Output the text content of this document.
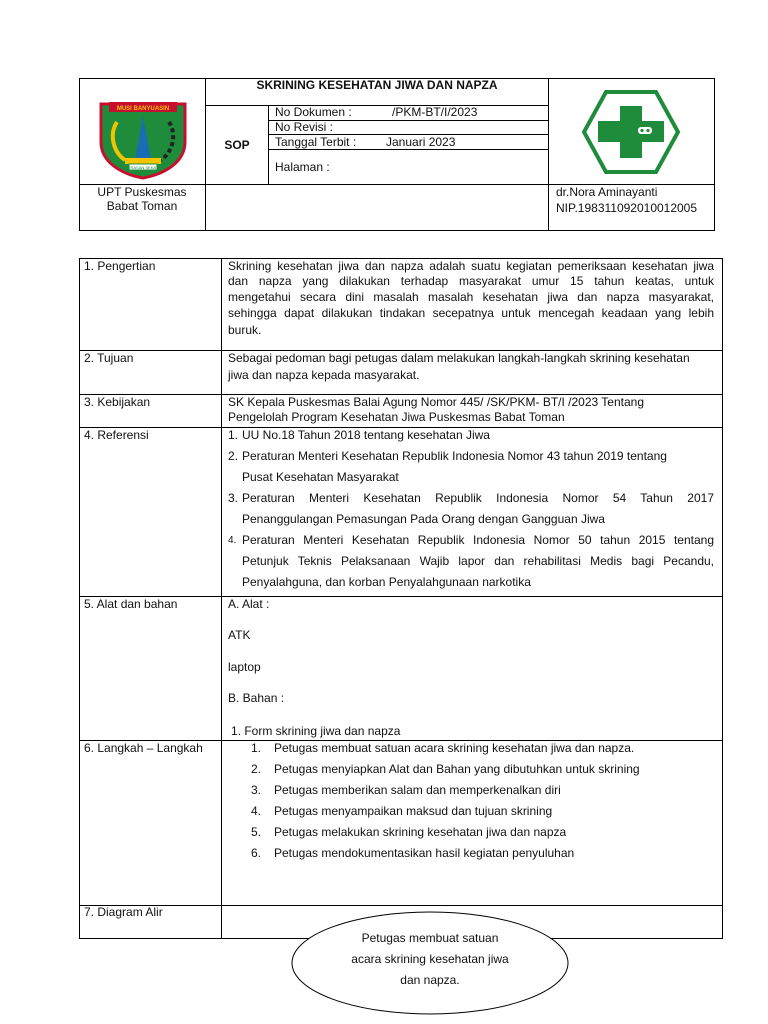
MUSI BANYUASIN
SERASAN SEKATE
SKRINING KESEHATAN JIWA DAN NAPZA
SOP
No Dokumen :	/PKM-BT/I/2023
No Revisi :
Tanggal Terbit : Januari 2023
Halaman :
UPT Puskesmas
Babat Toman
dr.Nora Aminayanti
NIP.198311092010012005
1. Pengertian	Skrining kesehatan jiwa dan napza adalah suatu kegiatan pemeriksaan kesehatan jiwa
dan napza yang dilakukan terhadap masyarakat umur 15 tahun keatas, untuk
mengetahui secara dini masalah masalah kesehatan jiwa dan napza masyarakat,
sehingga dapat dilakukan tindakan secepatnya untuk mencegah keadaan yang lebih
buruk.
2. Tujuan	Sebagai pedoman bagi petugas dalam melakukan langkah-langkah skrining kesehatan
jiwa dan napza kepada masyarakat.
3. Kebijakan	SK Kepala Puskesmas Balai Agung Nomor 445/ /SK/PKM- BT/I /2023 Tentang
Pengelolah Program Kesehatan Jiwa Puskesmas Babat Toman
4. Referensi	1. UU No.18 Tahun 2018 tentang kesehatan Jiwa
2. Peraturan Menteri Kesehatan Republik Indonesia Nomor 43 tahun 2019 tentang
Pusat Kesehatan Masyarakat
3. Peraturan Menteri Kesehatan Republik Indonesia Nomor 54 Tahun 2017
Penanggulangan Pemasungan Pada Orang dengan Gangguan Jiwa
4. Peraturan Menteri Kesehatan Republik Indonesia Nomor 50 tahun 2015 tentang
Petunjuk Teknis Pelaksanaan Wajib lapor dan rehabilitasi Medis bagi Pecandu,
Penyalahguna, dan korban Penyalahgunaan narkotika
5. Alat dan bahan	A. Alat :
ATK
laptop
B. Bahan :
1. Form skrining jiwa dan napza
6. Langkah – Langkah	1. Petugas membuat satuan acara skrining kesehatan jiwa dan napza.
2. Petugas menyiapkan Alat dan Bahan yang dibutuhkan untuk skrining
3. Petugas memberikan salam dan memperkenalkan diri
4. Petugas menyampaikan maksud dan tujuan skrining
5. Petugas melakukan skrining kesehatan jiwa dan napza
6. Petugas mendokumentasikan hasil kegiatan penyuluhan
7. Diagram Alir
Petugas membuat satuan
acara skrining kesehatan jiwa
dan napza.
